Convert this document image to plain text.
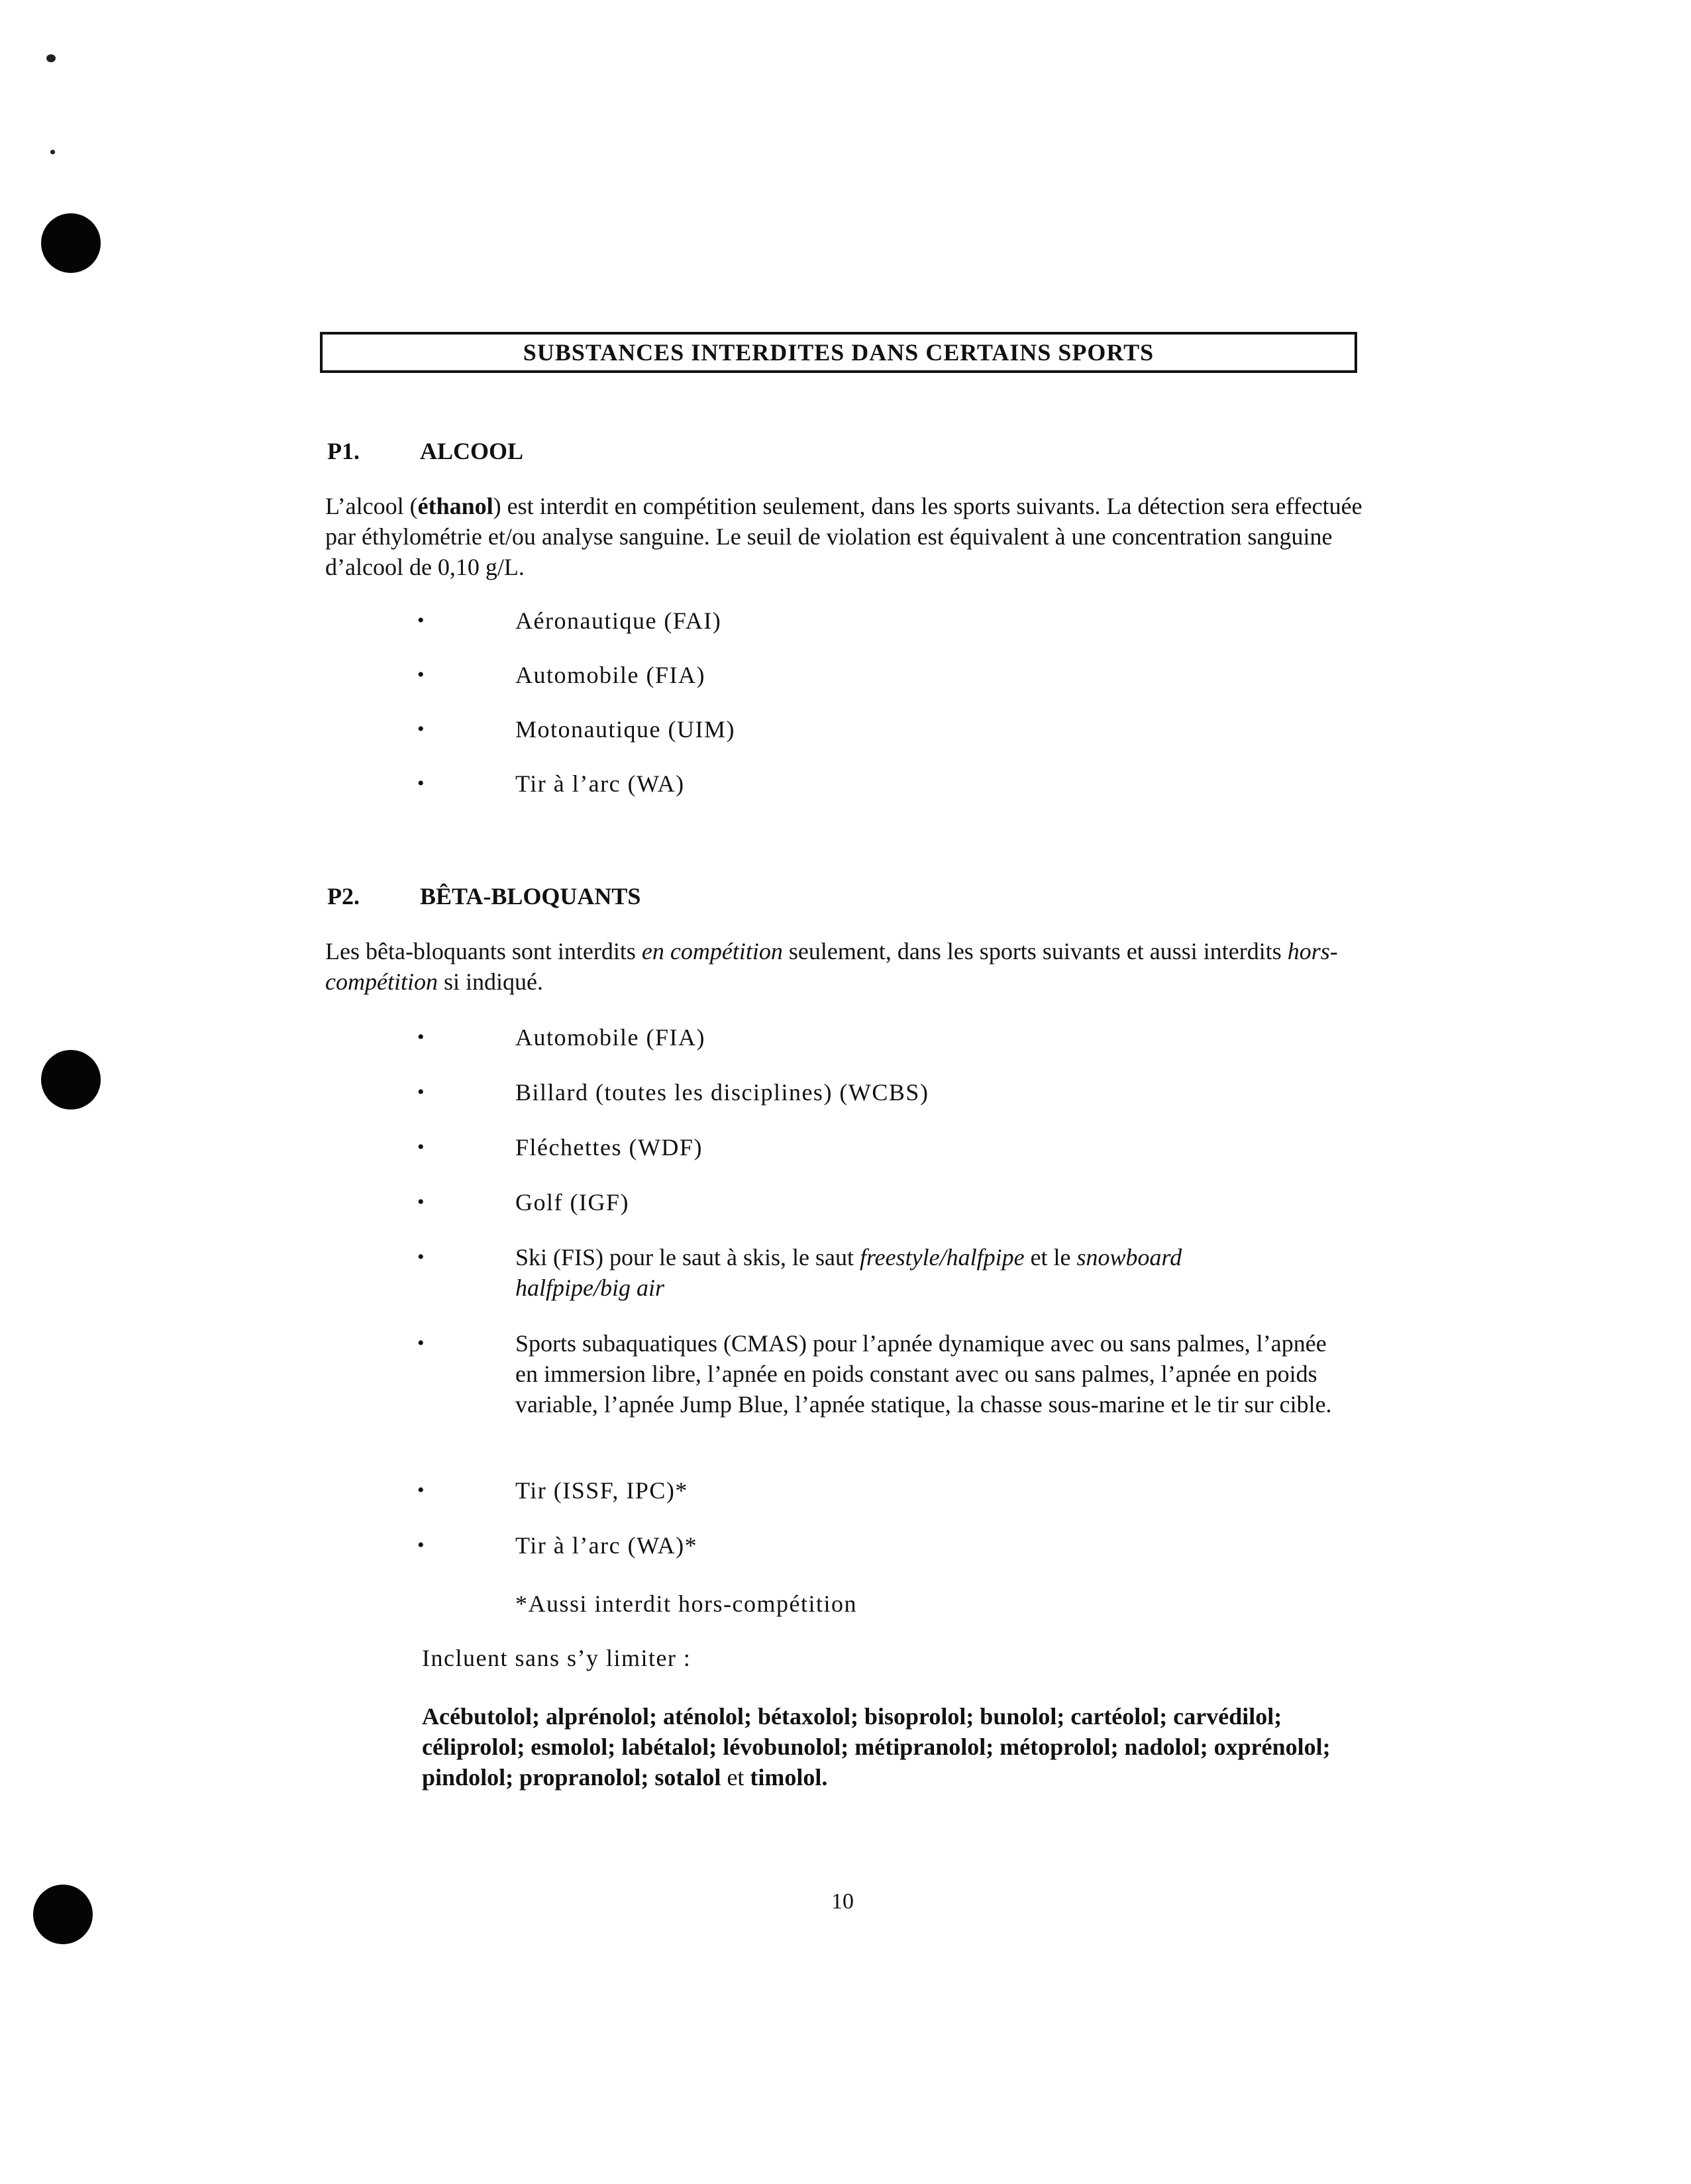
SUBSTANCES INTERDITES DANS CERTAINS SPORTS
P1.	ALCOOL
L’alcool (éthanol) est interdit en compétition seulement, dans les sports suivants. La détection sera effectuée par éthylométrie et/ou analyse sanguine. Le seuil de violation est équivalent à une concentration sanguine d’alcool de 0,10 g/L.
•	Aéronautique (FAI)
•	Automobile (FIA)
•	Motonautique (UIM)
•	Tir à l’arc (WA)
P2.	BÊTA-BLOQUANTS
Les bêta-bloquants sont interdits en compétition seulement, dans les sports suivants et aussi interdits hors-compétition si indiqué.
•	Automobile (FIA)
•	Billard (toutes les disciplines) (WCBS)
•	Fléchettes (WDF)
•	Golf (IGF)
•	Ski (FIS) pour le saut à skis, le saut freestyle/halfpipe et le snowboard halfpipe/big air
•	Sports subaquatiques (CMAS) pour l’apnée dynamique avec ou sans palmes, l’apnée en immersion libre, l’apnée en poids constant avec ou sans palmes, l’apnée en poids variable, l’apnée Jump Blue, l’apnée statique, la chasse sous-marine et le tir sur cible.
•	Tir (ISSF, IPC)*
•	Tir à l’arc (WA)*
*Aussi interdit hors-compétition
Incluent sans s’y limiter :
Acébutolol; alprénolol; aténolol; bétaxolol; bisoprolol; bunolol; cartéolol; carvédilol; céliprolol; esmolol; labétalol; lévobunolol; métipranolol; métoprolol; nadolol; oxprénolol; pindolol; propranolol; sotalol et timolol.
10
